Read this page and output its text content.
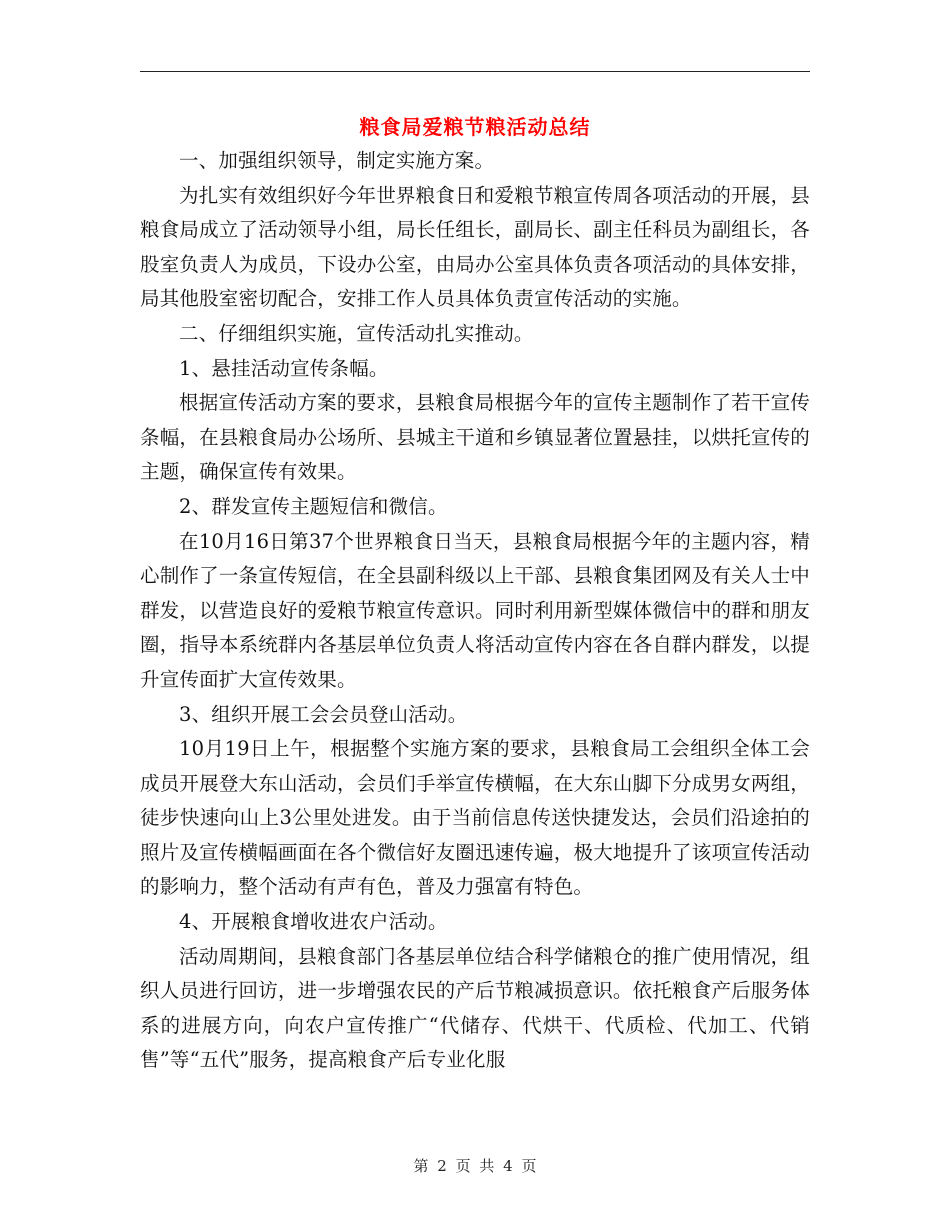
粮食局爱粮节粮活动总结

一、加强组织领导，制定实施方案。

为扎实有效组织好今年世界粮食日和爱粮节粮宣传周各项活动的开展，县粮食局成立了活动领导小组，局长任组长，副局长、副主任科员为副组长，各股室负责人为成员，下设办公室，由局办公室具体负责各项活动的具体安排，局其他股室密切配合，安排工作人员具体负责宣传活动的实施。

二、仔细组织实施，宣传活动扎实推动。

1、悬挂活动宣传条幅。

根据宣传活动方案的要求，县粮食局根据今年的宣传主题制作了若干宣传条幅，在县粮食局办公场所、县城主干道和乡镇显著位置悬挂，以烘托宣传的主题，确保宣传有效果。

2、群发宣传主题短信和微信。

在10月16日第37个世界粮食日当天，县粮食局根据今年的主题内容，精心制作了一条宣传短信，在全县副科级以上干部、县粮食集团网及有关人士中群发，以营造良好的爱粮节粮宣传意识。同时利用新型媒体微信中的群和朋友圈，指导本系统群内各基层单位负责人将活动宣传内容在各自群内群发，以提升宣传面扩大宣传效果。

3、组织开展工会会员登山活动。

10月19日上午，根据整个实施方案的要求，县粮食局工会组织全体工会成员开展登大东山活动，会员们手举宣传横幅，在大东山脚下分成男女两组，徒步快速向山上3公里处进发。由于当前信息传送快捷发达，会员们沿途拍的照片及宣传横幅画面在各个微信好友圈迅速传遍，极大地提升了该项宣传活动的影响力，整个活动有声有色，普及力强富有特色。

4、开展粮食增收进农户活动。

活动周期间，县粮食部门各基层单位结合科学储粮仓的推广使用情况，组织人员进行回访，进一步增强农民的产后节粮减损意识。依托粮食产后服务体系的进展方向，向农户宣传推广“代储存、代烘干、代质检、代加工、代销售”等“五代”服务，提高粮食产后专业化服

第 2 页 共 4 页
